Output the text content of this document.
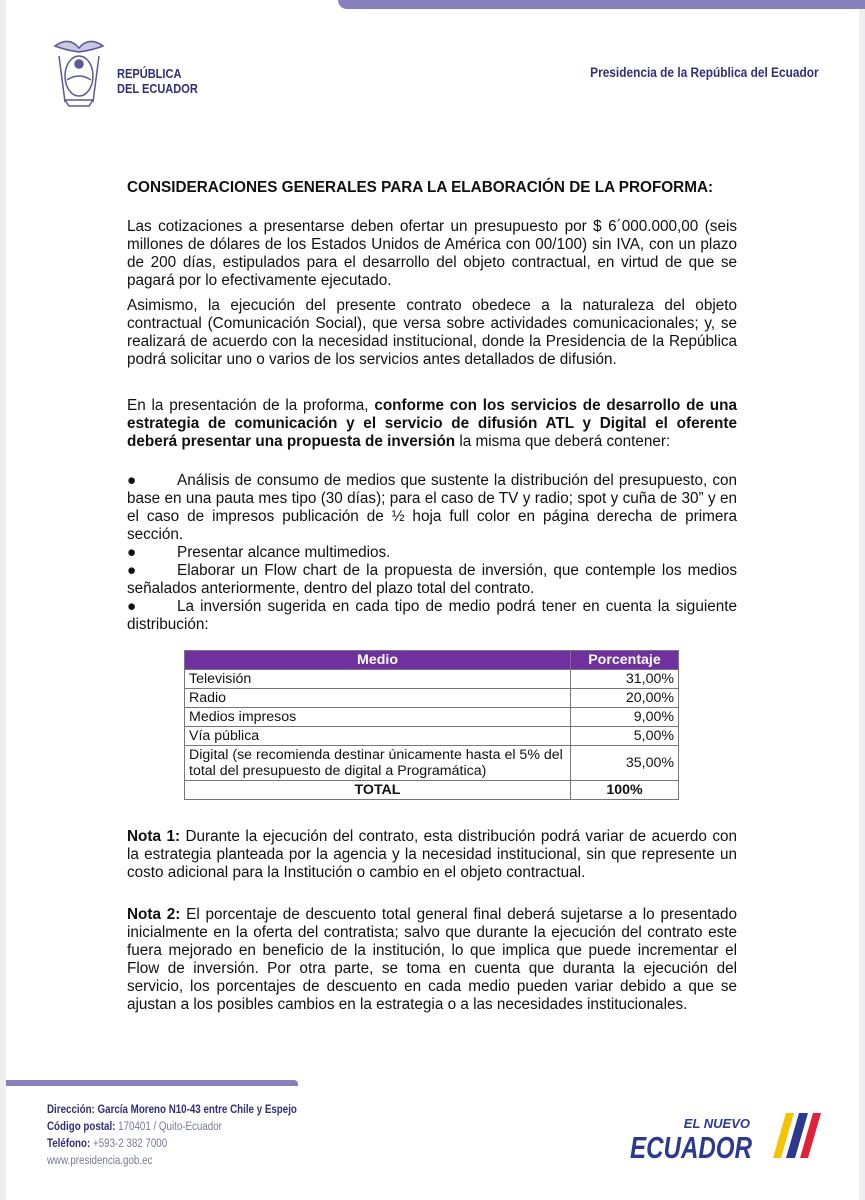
REPÚBLICA
DEL ECUADOR
Presidencia de la República del Ecuador
CONSIDERACIONES GENERALES PARA LA ELABORACIÓN DE LA PROFORMA:

Las cotizaciones a presentarse deben ofertar un presupuesto por $ 6´000.000,00 (seis millones de dólares de los Estados Unidos de América con 00/100) sin IVA, con un plazo de 200 días, estipulados para el desarrollo del objeto contractual, en virtud de que se pagará por lo efectivamente ejecutado.

Asimismo, la ejecución del presente contrato obedece a la naturaleza del objeto contractual (Comunicación Social), que versa sobre actividades comunicacionales; y, se realizará de acuerdo con la necesidad institucional, donde la Presidencia de la República podrá solicitar uno o varios de los servicios antes detallados de difusión.

En la presentación de la proforma, conforme con los servicios de desarrollo de una estrategia de comunicación y el servicio de difusión ATL y Digital el oferente deberá presentar una propuesta de inversión la misma que deberá contener:

●	Análisis de consumo de medios que sustente la distribución del presupuesto, con base en una pauta mes tipo (30 días); para el caso de TV y radio; spot y cuña de 30” y en el caso de impresos publicación de ½ hoja full color en página derecha de primera sección.
●	Presentar alcance multimedios.
●	Elaborar un Flow chart de la propuesta de inversión, que contemple los medios señalados anteriormente, dentro del plazo total del contrato.
●	La inversión sugerida en cada tipo de medio podrá tener en cuenta la siguiente distribución:
Medio	Porcentaje
Televisión	31,00%
Radio	20,00%
Medios impresos	9,00%
Vía pública	5,00%
Digital (se recomienda destinar únicamente hasta el 5% del total del presupuesto de digital a Programática)	35,00%
TOTAL	100%

Nota 1: Durante la ejecución del contrato, esta distribución podrá variar de acuerdo con la estrategia planteada por la agencia y la necesidad institucional, sin que represente un costo adicional para la Institución o cambio en el objeto contractual.

Nota 2: El porcentaje de descuento total general final deberá sujetarse a lo presentado inicialmente en la oferta del contratista; salvo que durante la ejecución del contrato este fuera mejorado en beneficio de la institución, lo que implica que puede incrementar el Flow de inversión. Por otra parte, se toma en cuenta que duranta la ejecución del servicio, los porcentajes de descuento en cada medio pueden variar debido a que se ajustan a los posibles cambios en la estrategia o a las necesidades institucionales.

Dirección: García Moreno N10-43 entre Chile y Espejo
Código postal: 170401 / Quito-Ecuador
Teléfono: +593-2 382 7000
www.presidencia.gob.ec
EL NUEVO
ECUADOR
